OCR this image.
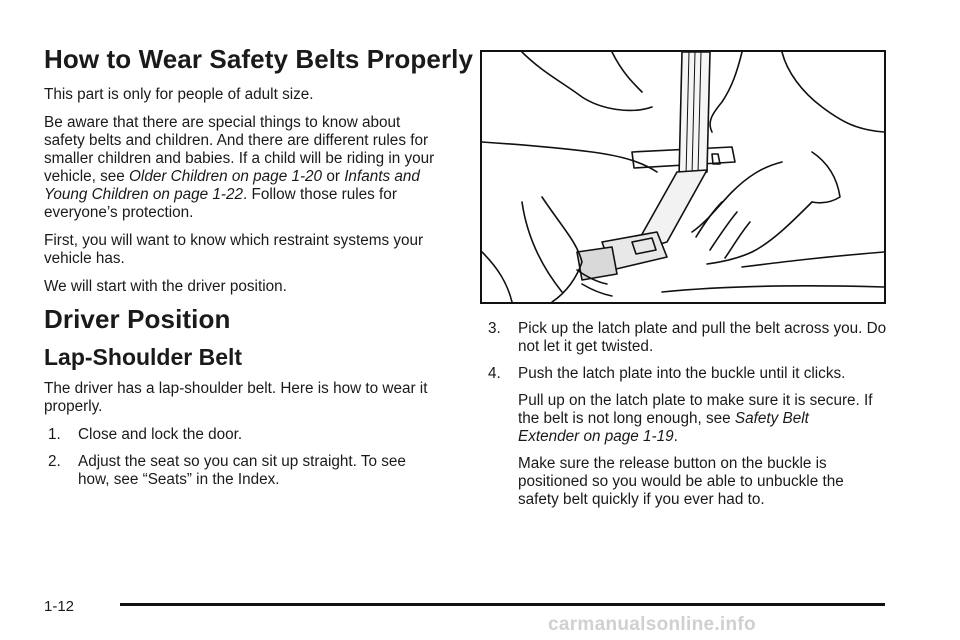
How to Wear Safety Belts Properly

This part is only for people of adult size.

Be aware that there are special things to know about safety belts and children. And there are different rules for smaller children and babies. If a child will be riding in your vehicle, see Older Children on page 1-20 or Infants and Young Children on page 1-22. Follow those rules for everyone’s protection.

First, you will want to know which restraint systems your vehicle has.

We will start with the driver position.

Driver Position
Lap-Shoulder Belt

The driver has a lap-shoulder belt. Here is how to wear it properly.

1. Close and lock the door.
2. Adjust the seat so you can sit up straight. To see how, see “Seats” in the Index.
3. Pick up the latch plate and pull the belt across you. Do not let it get twisted.
4. Push the latch plate into the buckle until it clicks.

Pull up on the latch plate to make sure it is secure. If the belt is not long enough, see Safety Belt Extender on page 1-19.

Make sure the release button on the buckle is positioned so you would be able to unbuckle the safety belt quickly if you ever had to.

1-12
carmanualsonline.info
